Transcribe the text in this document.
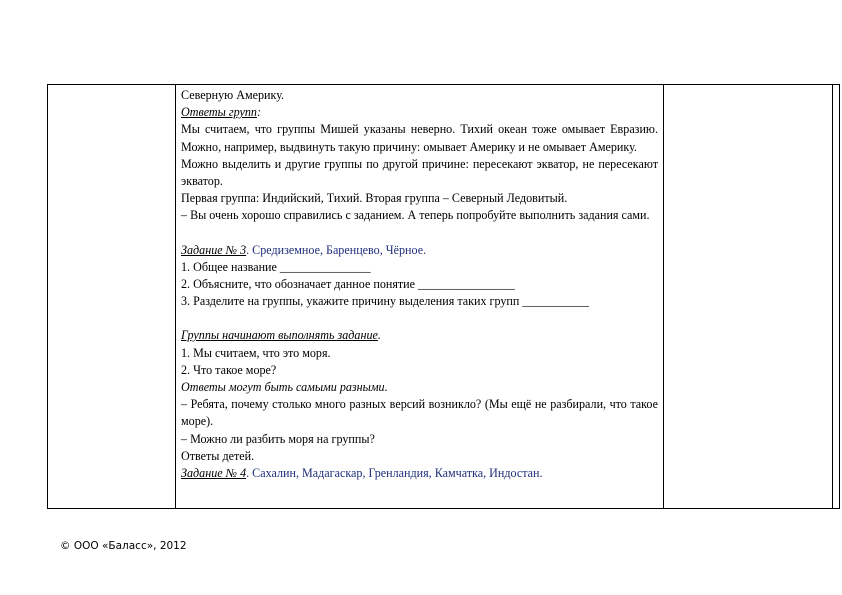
Северную Америку.

Ответы групп:

Мы считаем, что группы Мишей указаны неверно. Тихий океан тоже омывает Евразию. Можно, например, выдвинуть такую причину: омывает Америку и не омывает Америку.

Можно выделить и другие группы по другой причине: пересекают экватор, не пересекают экватор.

Первая группа: Индийский, Тихий. Вторая группа – Северный Ледовитый.

– Вы очень хорошо справились с заданием. А теперь попробуйте выполнить задания сами.

Задание № 3. Средиземное, Баренцево, Чёрное.

1. Общее название _______________

2. Объясните, что обозначает данное понятие ________________

3. Разделите на группы, укажите причину выделения таких групп ___________

Группы начинают выполнять задание.

1. Мы считаем, что это моря.

2. Что такое море?

Ответы могут быть самыми разными.

– Ребята, почему столько много разных версий возникло? (Мы ещё не разбирали, что такое море).

– Можно ли разбить моря на группы?

Ответы детей.

Задание № 4. Сахалин, Мадагаскар, Гренландия, Камчатка, Индостан.

© ООО «Баласс», 2012
